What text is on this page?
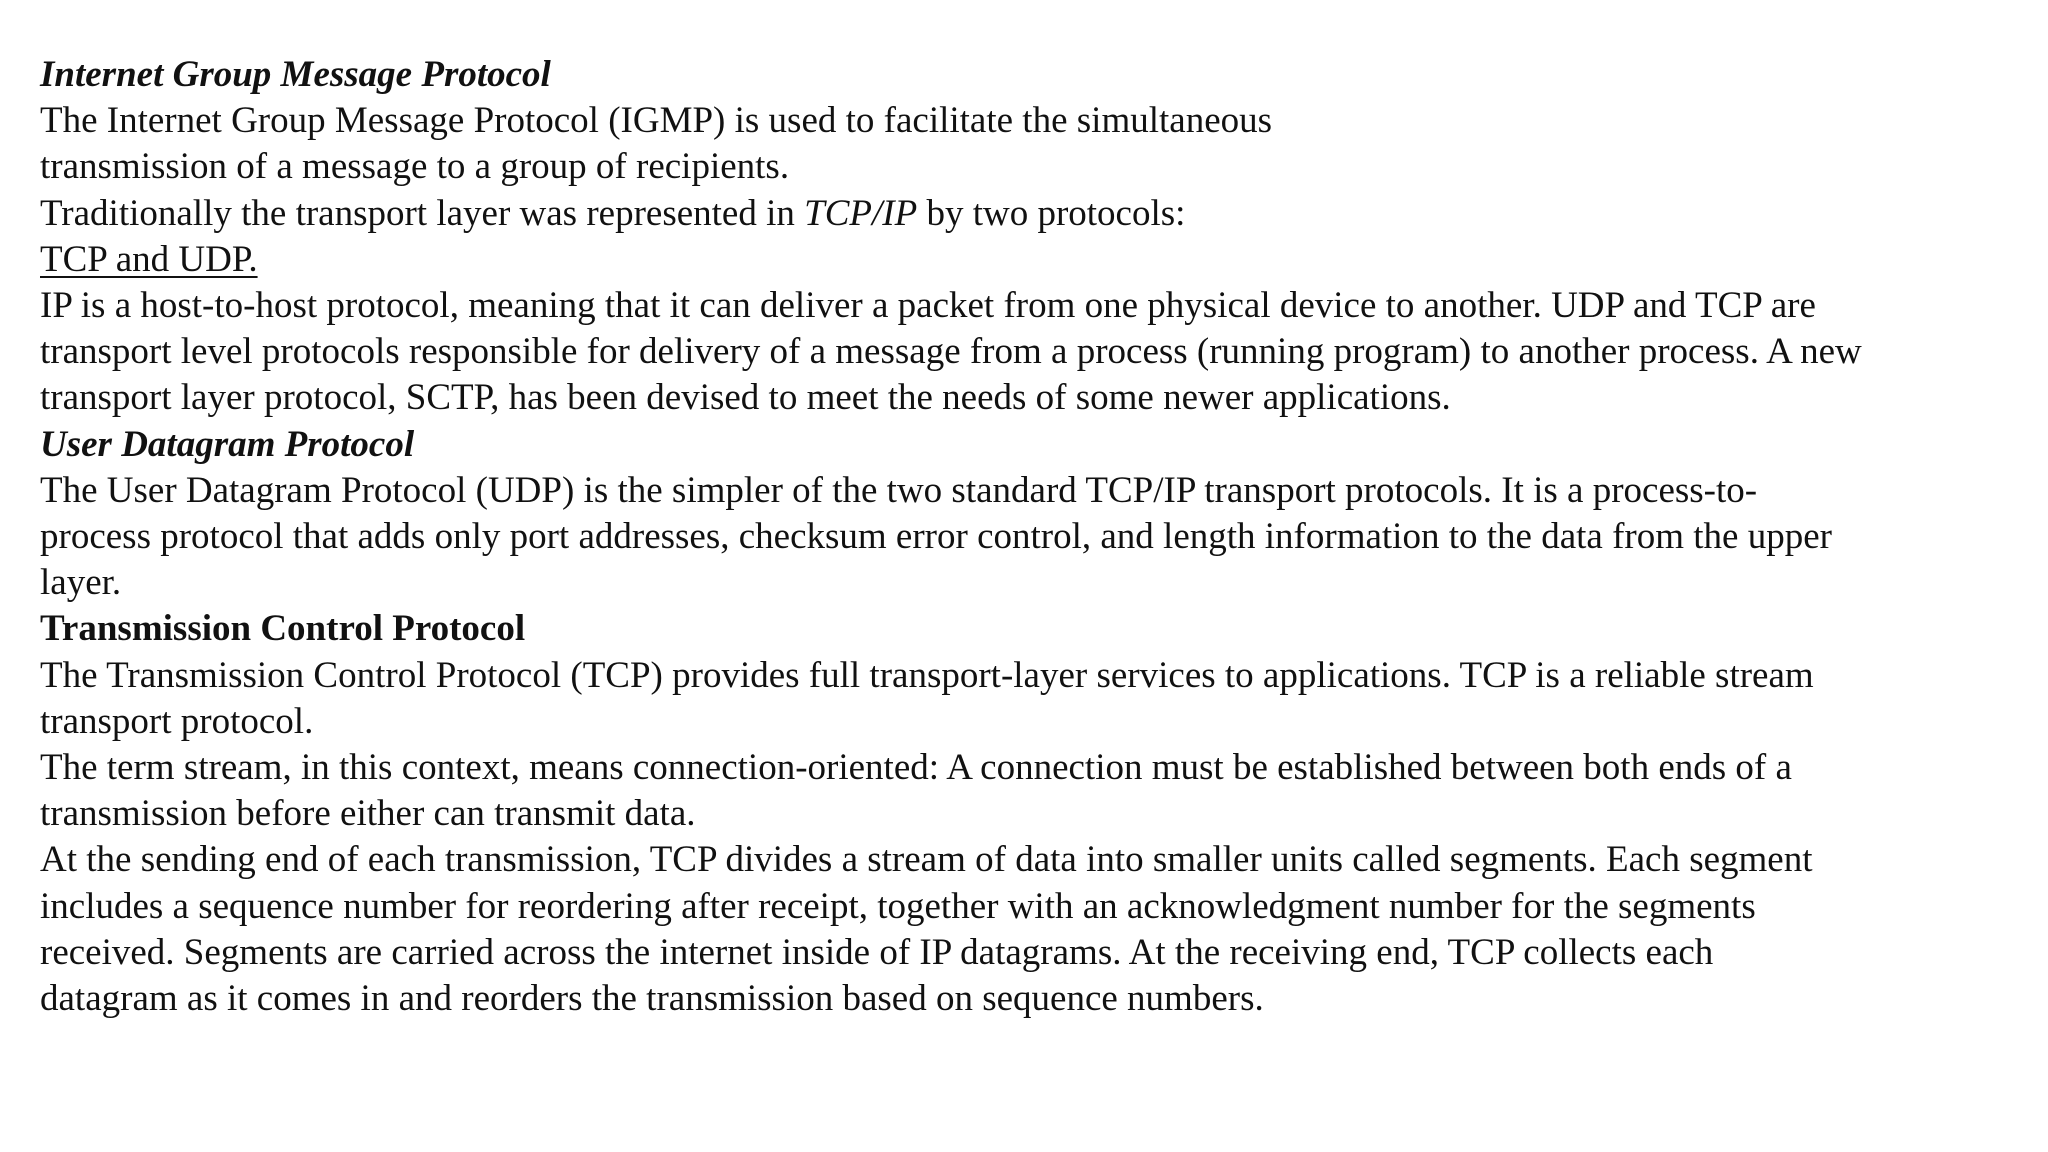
Internet Group Message Protocol
The Internet Group Message Protocol (IGMP) is used to facilitate the simultaneous
transmission of a message to a group of recipients.
Traditionally the transport layer was represented in TCP/IP by two protocols:
TCP and UDP.
IP is a host-to-host protocol, meaning that it can deliver a packet from one physical device to another. UDP and TCP are
transport level protocols responsible for delivery of a message from a process (running program) to another process. A new
transport layer protocol, SCTP, has been devised to meet the needs of some newer applications.
User Datagram Protocol
The User Datagram Protocol (UDP) is the simpler of the two standard TCP/IP transport protocols. It is a process-to-
process protocol that adds only port addresses, checksum error control, and length information to the data from the upper
layer.
Transmission Control Protocol
The Transmission Control Protocol (TCP) provides full transport-layer services to applications. TCP is a reliable stream
transport protocol.
The term stream, in this context, means connection-oriented: A connection must be established between both ends of a
transmission before either can transmit data.
At the sending end of each transmission, TCP divides a stream of data into smaller units called segments. Each segment
includes a sequence number for reordering after receipt, together with an acknowledgment number for the segments
received. Segments are carried across the internet inside of IP datagrams. At the receiving end, TCP collects each
datagram as it comes in and reorders the transmission based on sequence numbers.
